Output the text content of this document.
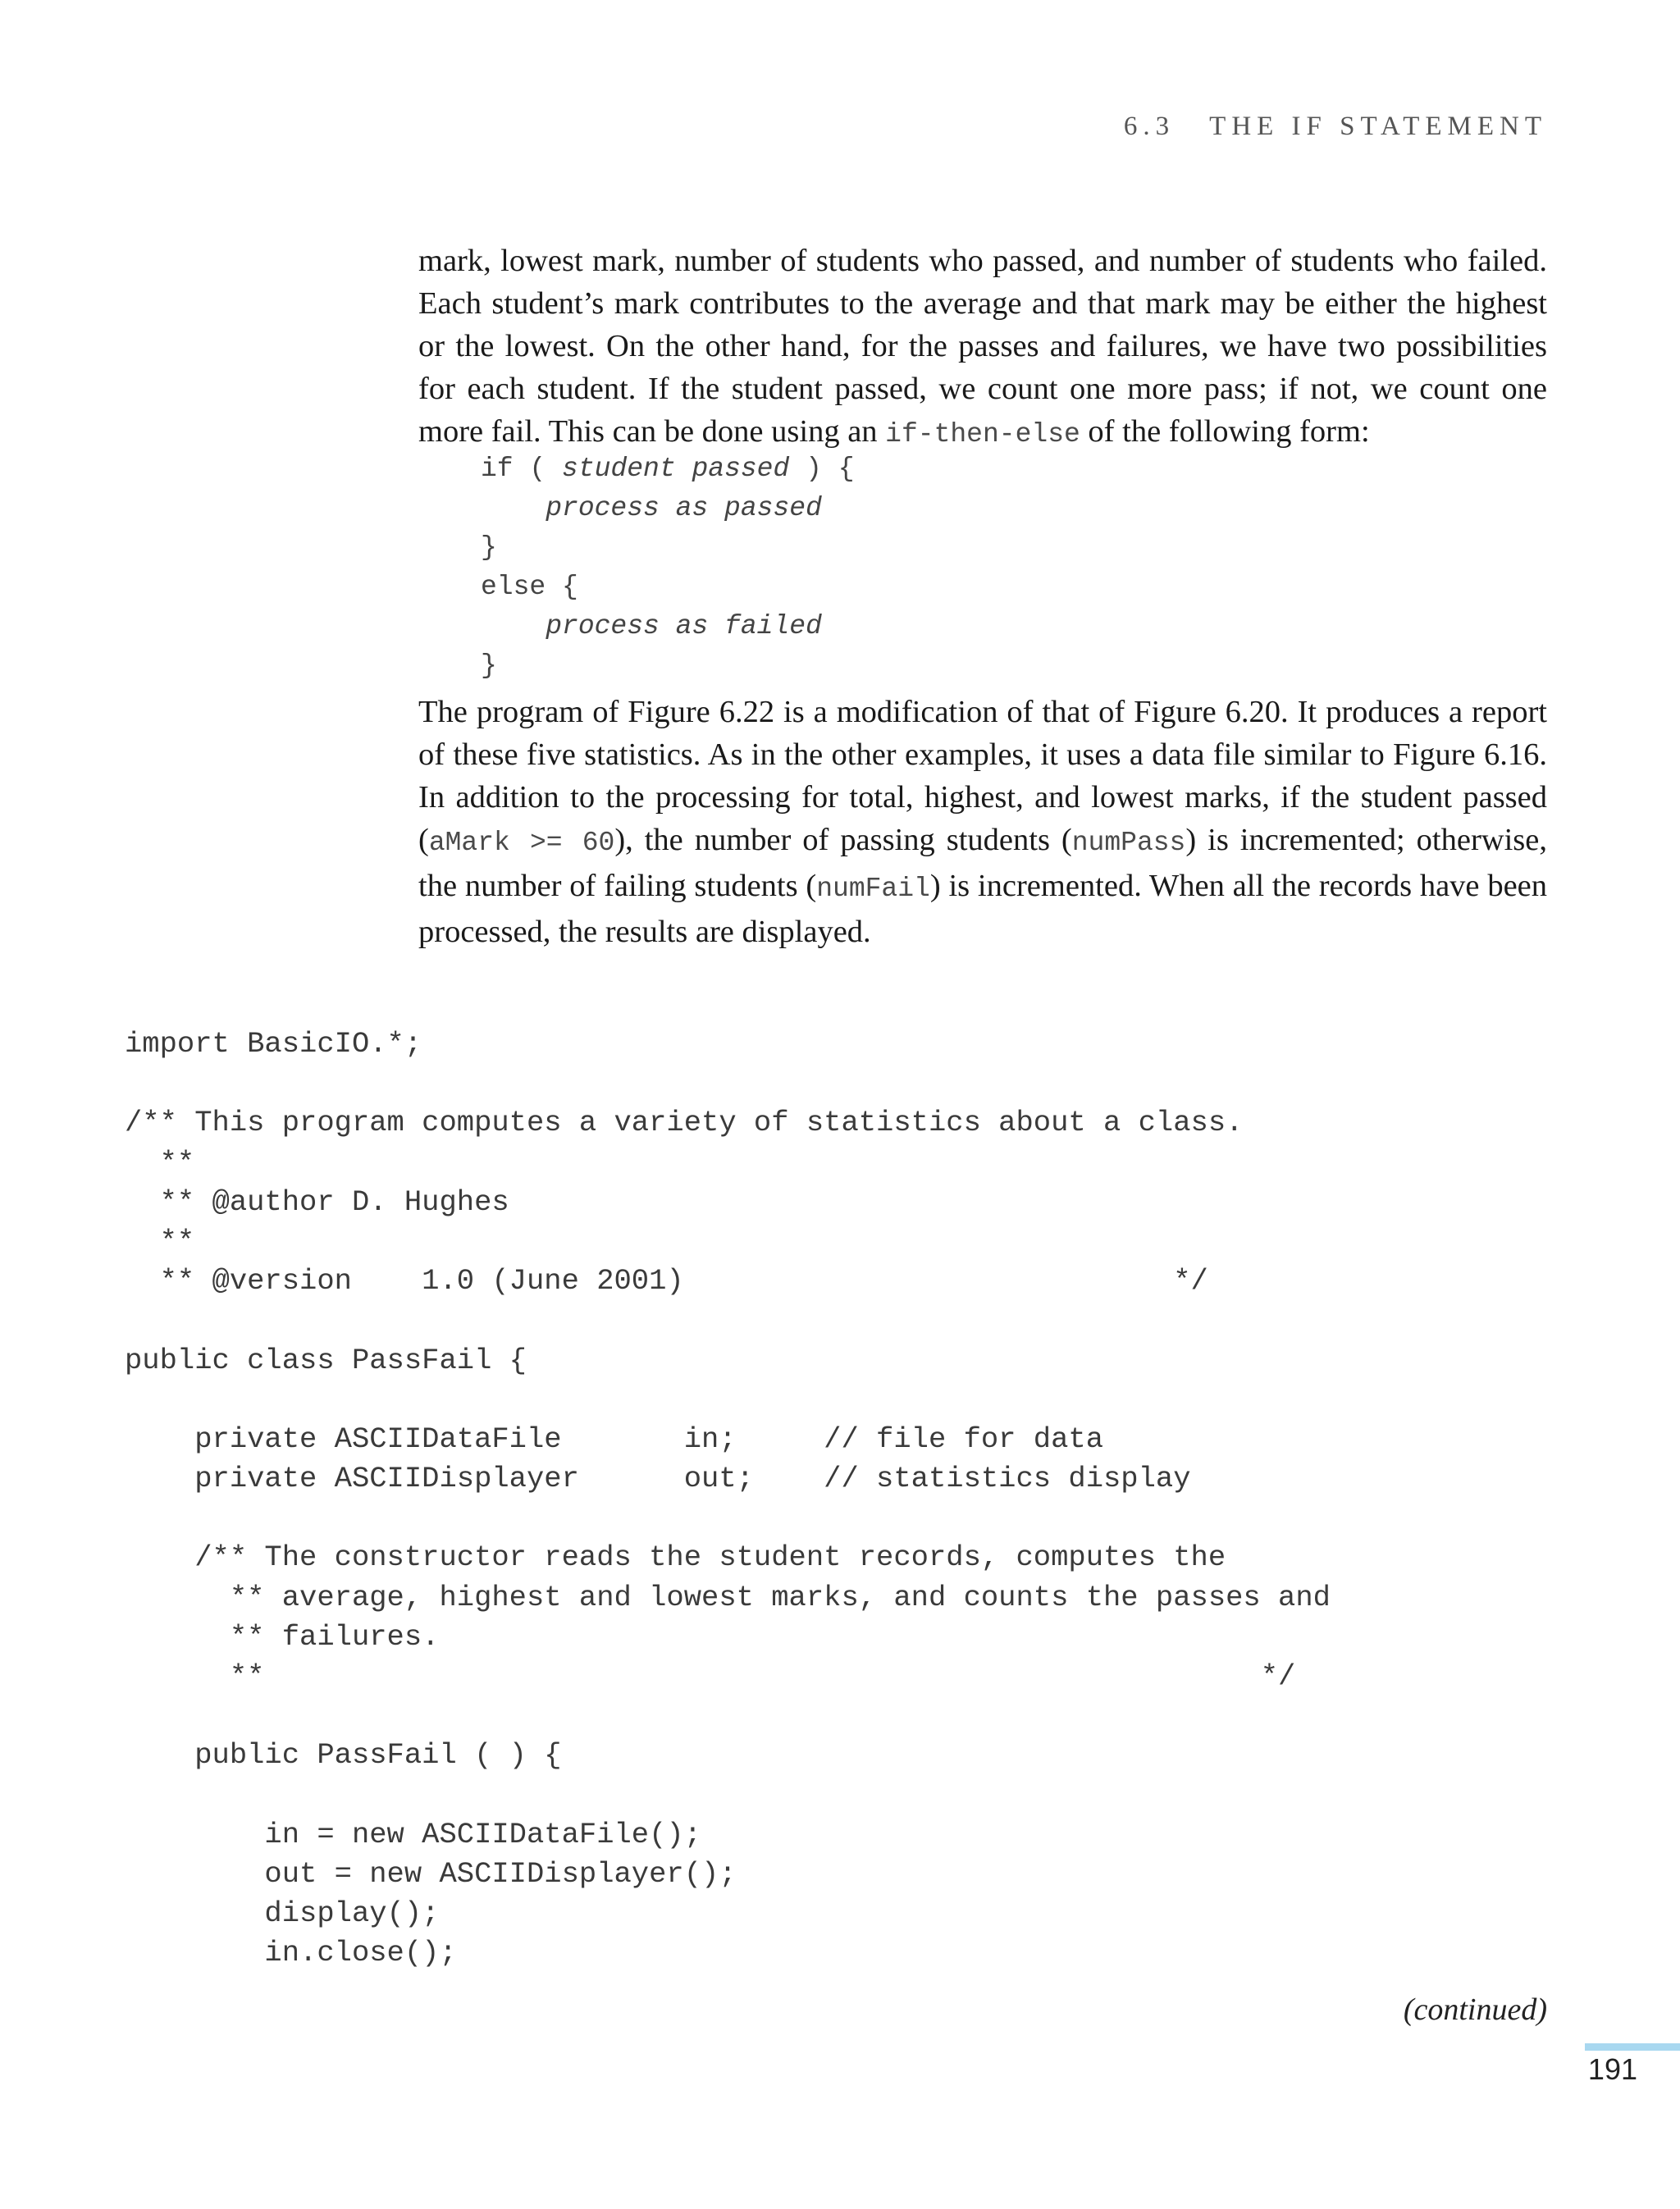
6.3 THE IF STATEMENT

mark, lowest mark, number of students who passed, and number of students who failed. Each student’s mark contributes to the average and that mark may be either the highest or the lowest. On the other hand, for the passes and failures, we have two possibilities for each student. If the student passed, we count one more pass; if not, we count one more fail. This can be done using an if-then-else of the following form:

if ( student passed ) {
process as passed
}
else {
process as failed
}

The program of Figure 6.22 is a modification of that of Figure 6.20. It produces a report of these five statistics. As in the other examples, it uses a data file similar to Figure 6.16. In addition to the processing for total, highest, and lowest marks, if the student passed (aMark >= 60), the number of passing students (numPass) is incremented; otherwise, the number of failing students (numFail) is incremented. When all the records have been processed, the results are displayed.

import BasicIO.*;
/** This program computes a variety of statistics about a class.
**
** @author D. Hughes
**
** @version    1.0 (June 2001)                            */
public class PassFail {
private ASCIIDataFile       in;     // file for data
private ASCIIDisplayer      out;    // statistics display
/** The constructor reads the student records, computes the
** average, highest and lowest marks, and counts the passes and
** failures.
**                                                         */
public PassFail ( ) {
in = new ASCIIDataFile();
out = new ASCIIDisplayer();
display();
in.close();
(continued)
191
